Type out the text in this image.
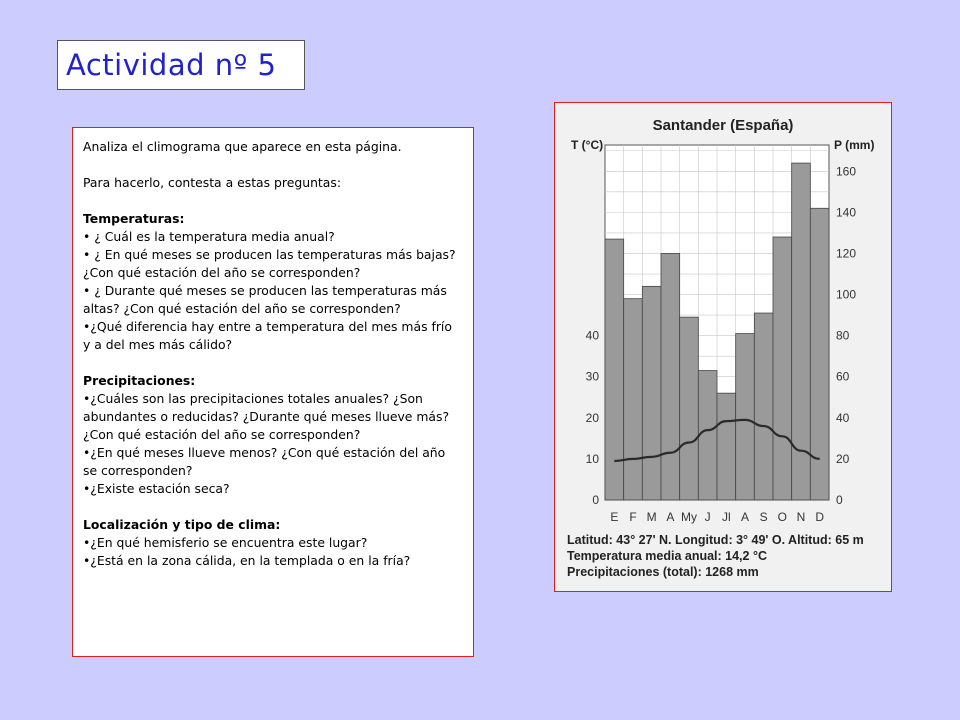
Actividad nº 5

Analiza el climograma que aparece en esta página.

Para hacerlo, contesta a estas preguntas:

Temperaturas:

• ¿ Cuál es la temperatura media anual?

• ¿ En qué meses se producen las temperaturas más bajas? ¿Con qué estación del año se corresponden?

• ¿ Durante qué meses se producen las temperaturas más altas? ¿Con qué estación del año se corresponden?

•¿Qué diferencia hay entre a temperatura del mes más frío y a del mes más cálido?

Precipitaciones:

•¿Cuáles son las precipitaciones totales anuales? ¿Son abundantes o reducidas? ¿Durante qué meses llueve más? ¿Con qué estación del año se corresponden?

•¿En qué meses llueve menos? ¿Con qué estación del año se corresponden?

•¿Existe estación seca?

Localización y tipo de clima:

•¿En qué hemisferio se encuentra este lugar?

•¿Está en la zona cálida, en la templada o en la fría?

Santander (España)
T (°C)	P (mm)
0
10
20
30
40
0
20
40
60
80
100
120
140
160
E F M A My J Jl A S O N D
Latitud: 43° 27' N. Longitud: 3° 49' O. Altitud: 65 m
Temperatura media anual: 14,2 °C
Precipitaciones (total): 1268 mm
